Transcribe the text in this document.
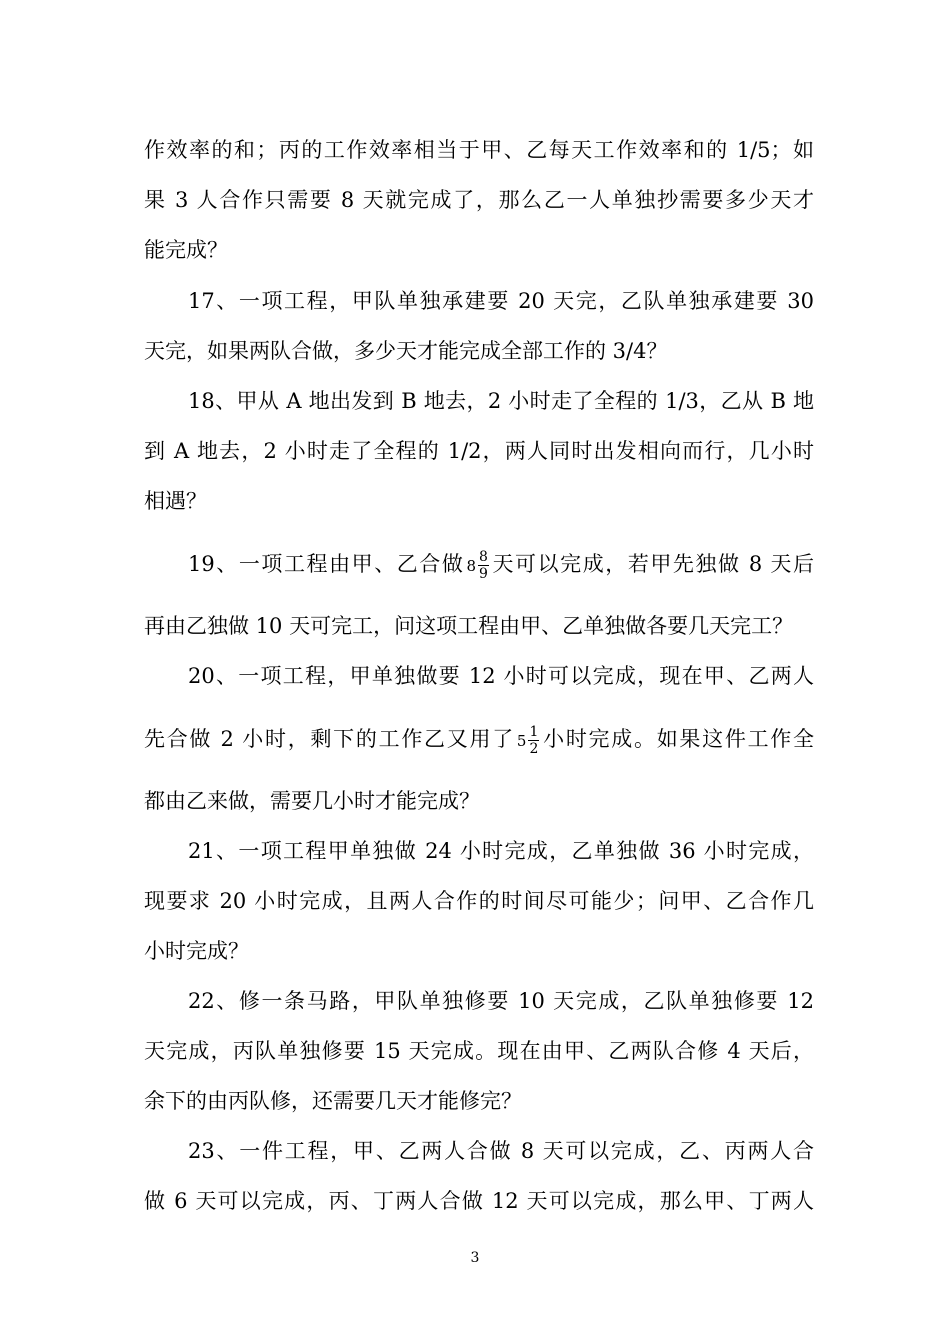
作效率的和；丙的工作效率相当于甲、乙每天工作效率和的 1/5；如
果 3 人合作只需要 8 天就完成了，那么乙一人单独抄需要多少天才
能完成？
17、一项工程，甲队单独承建要 20 天完，乙队单独承建要 30
天完，如果两队合做，多少天才能完成全部工作的 3/4？
18、甲从 A 地出发到 B 地去，2 小时走了全程的 1/3，乙从 B 地
到 A 地去，2 小时走了全程的 1/2，两人同时出发相向而行，几小时
相遇？
19、一项工程由甲、乙合做 $8 \frac{8}{9}$ 天可以完成，若甲先独做 8 天后
再由乙独做 10 天可完工，问这项工程由甲、乙单独做各要几天完工？
20、一项工程，甲单独做要 12 小时可以完成，现在甲、乙两人
先合做 2 小时，剩下的工作乙又用了 $5 \frac{1}{2}$ 小时完成。如果这件工作全
都由乙来做，需要几小时才能完成？
21、一项工程甲单独做 24 小时完成，乙单独做 36 小时完成，
现要求 20 小时完成，且两人合作的时间尽可能少；问甲、乙合作几
小时完成？
22、修一条马路，甲队单独修要 10 天完成，乙队单独修要 12
天完成，丙队单独修要 15 天完成。现在由甲、乙两队合修 4 天后，
余下的由丙队修，还需要几天才能修完？
23、一件工程，甲、乙两人合做 8 天可以完成，乙、丙两人合
做 6 天可以完成，丙、丁两人合做 12 天可以完成，那么甲、丁两人
3
